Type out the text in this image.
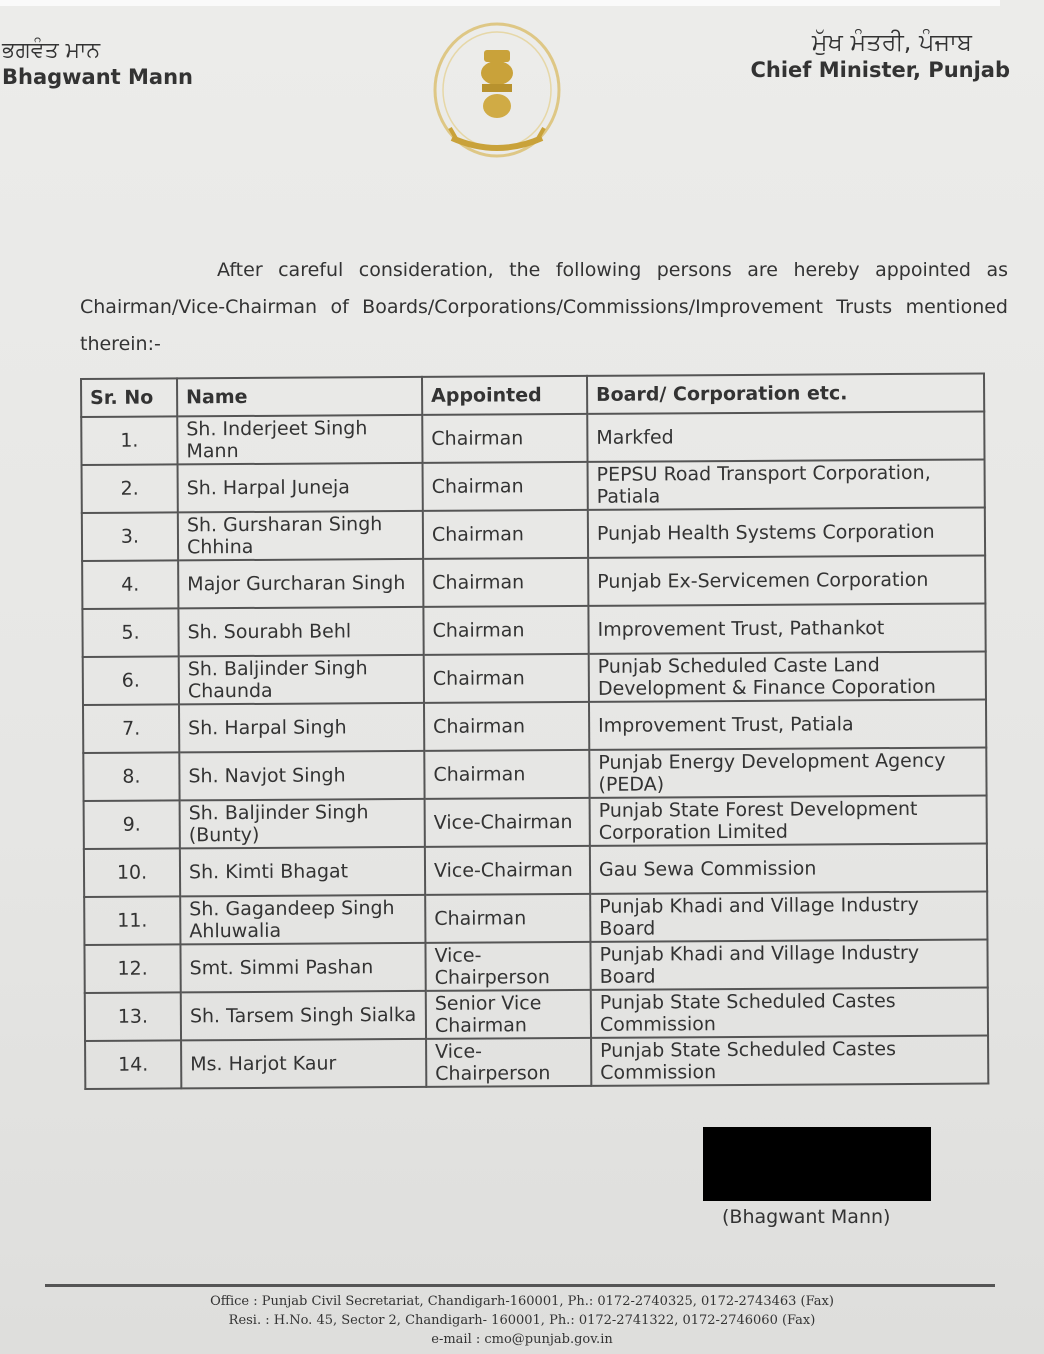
ਭਗਵੰਤ ਮਾਨ
Bhagwant Mann
ਮੁੱਖ ਮੰਤਰੀ, ਪੰਜਾਬ
Chief Minister, Punjab
After careful consideration, the following persons are hereby appointed as Chairman/Vice-Chairman of Boards/Corporations/Commissions/Improvement Trusts mentioned therein:-
Sr. No	Name	Appointed	Board/ Corporation etc.
1.	Sh. Inderjeet Singh Mann	Chairman	Markfed
2.	Sh. Harpal Juneja	Chairman	PEPSU Road Transport Corporation, Patiala
3.	Sh. Gursharan Singh Chhina	Chairman	Punjab Health Systems Corporation
4.	Major Gurcharan Singh	Chairman	Punjab Ex-Servicemen Corporation
5.	Sh. Sourabh Behl	Chairman	Improvement Trust, Pathankot
6.	Sh. Baljinder Singh Chaunda	Chairman	Punjab Scheduled Caste Land Development & Finance Coporation
7.	Sh. Harpal Singh	Chairman	Improvement Trust, Patiala
8.	Sh. Navjot Singh	Chairman	Punjab Energy Development Agency (PEDA)
9.	Sh. Baljinder Singh (Bunty)	Vice-Chairman	Punjab State Forest Development Corporation Limited
10.	Sh. Kimti Bhagat	Vice-Chairman	Gau Sewa Commission
11.	Sh. Gagandeep Singh Ahluwalia	Chairman	Punjab Khadi and Village Industry Board
12.	Smt. Simmi Pashan	Vice-Chairperson	Punjab Khadi and Village Industry Board
13.	Sh. Tarsem Singh Sialka	Senior Vice Chairman	Punjab State Scheduled Castes Commission
14.	Ms. Harjot Kaur	Vice-Chairperson	Punjab State Scheduled Castes Commission
(Bhagwant Mann)
Office : Punjab Civil Secretariat, Chandigarh-160001, Ph.: 0172-2740325, 0172-2743463 (Fax)
Resi. : H.No. 45, Sector 2, Chandigarh- 160001, Ph.: 0172-2741322, 0172-2746060 (Fax)
e-mail : cmo@punjab.gov.in
